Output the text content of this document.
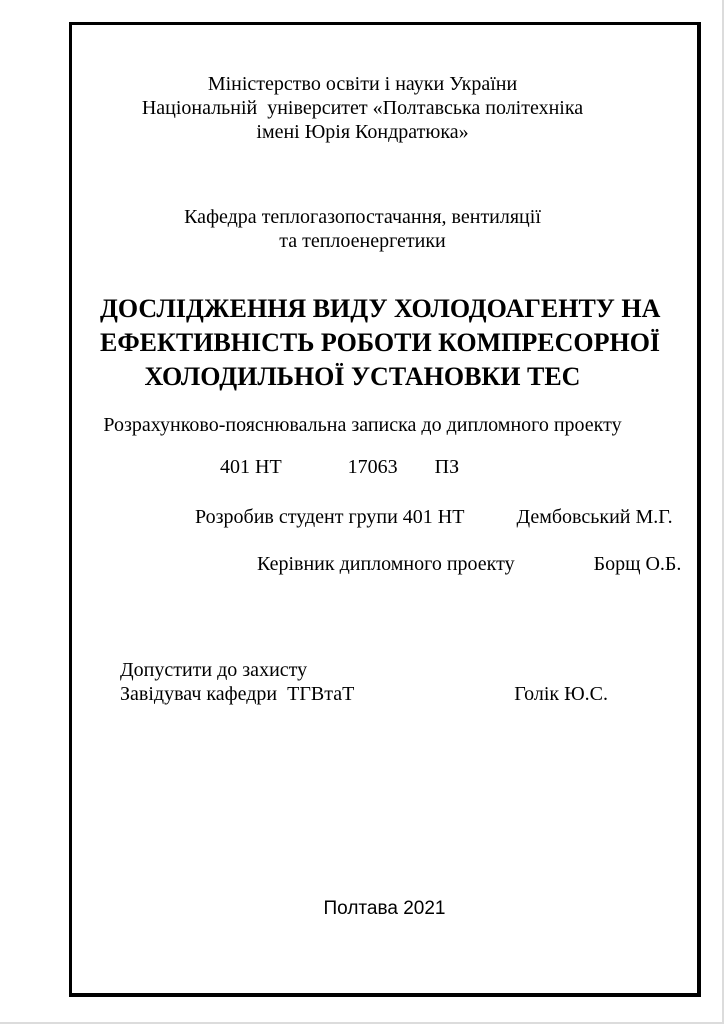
Міністерство освіти і науки України
Національній  університет «Полтавська політехніка
імені Юрія Кондратюка»
Кафедра теплогазопостачання, вентиляції
та теплоенергетики
ДОСЛІДЖЕННЯ ВИДУ ХОЛОДОАГЕНТУ НА
ЕФЕКТИВНІСТЬ РОБОТИ КОМПРЕСОРНОЇ
ХОЛОДИЛЬНОЇ УСТАНОВКИ ТЕС
Розрахунково-пояснювальна записка до дипломного проекту
401 НТ	17063 ПЗ
Розробив студент групи 401 НТ	Дембовський М.Г.
Керівник дипломного проекту	Борщ О.Б.
Допустити до захисту
Завідувач кафедри  ТГВтаТ	Голік Ю.С.
Полтава 2021
